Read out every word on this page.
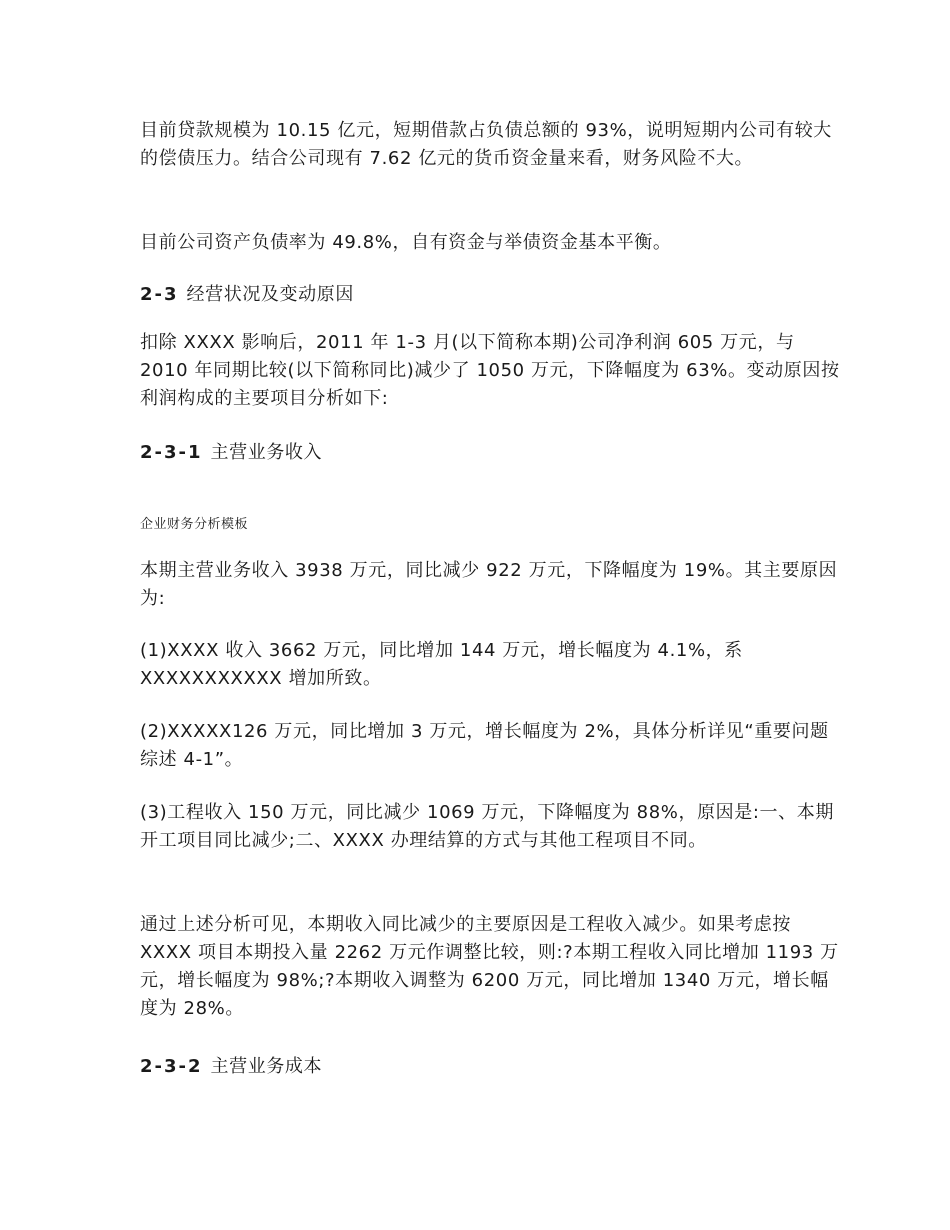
目前贷款规模为 10.15 亿元，短期借款占负债总额的 93%，说明短期内公司有较大的偿债压力。结合公司现有 7.62 亿元的货币资金量来看，财务风险不大。

目前公司资产负债率为 49.8%，自有资金与举债资金基本平衡。

2-3 经营状况及变动原因

扣除 XXXX 影响后，2011 年 1-3 月(以下简称本期)公司净利润 605 万元，与 2010 年同期比较(以下简称同比)减少了 1050 万元，下降幅度为 63%。变动原因按利润构成的主要项目分析如下:

2-3-1 主营业务收入
企业财务分析模板

本期主营业务收入 3938 万元，同比减少 922 万元，下降幅度为 19%。其主要原因为:

(1)XXXX 收入 3662 万元，同比增加 144 万元，增长幅度为 4.1%，系 XXXXXXXXXXX 增加所致。

(2)XXXXX126 万元，同比增加 3 万元，增长幅度为 2%，具体分析详见“重要问题综述 4-1”。

(3)工程收入 150 万元，同比减少 1069 万元，下降幅度为 88%，原因是:一、本期开工项目同比减少;二、XXXX 办理结算的方式与其他工程项目不同。

通过上述分析可见，本期收入同比减少的主要原因是工程收入减少。如果考虑按 XXXX 项目本期投入量 2262 万元作调整比较，则:?本期工程收入同比增加 1193 万元，增长幅度为 98%;?本期收入调整为 6200 万元，同比增加 1340 万元，增长幅度为 28%。

2-3-2 主营业务成本
